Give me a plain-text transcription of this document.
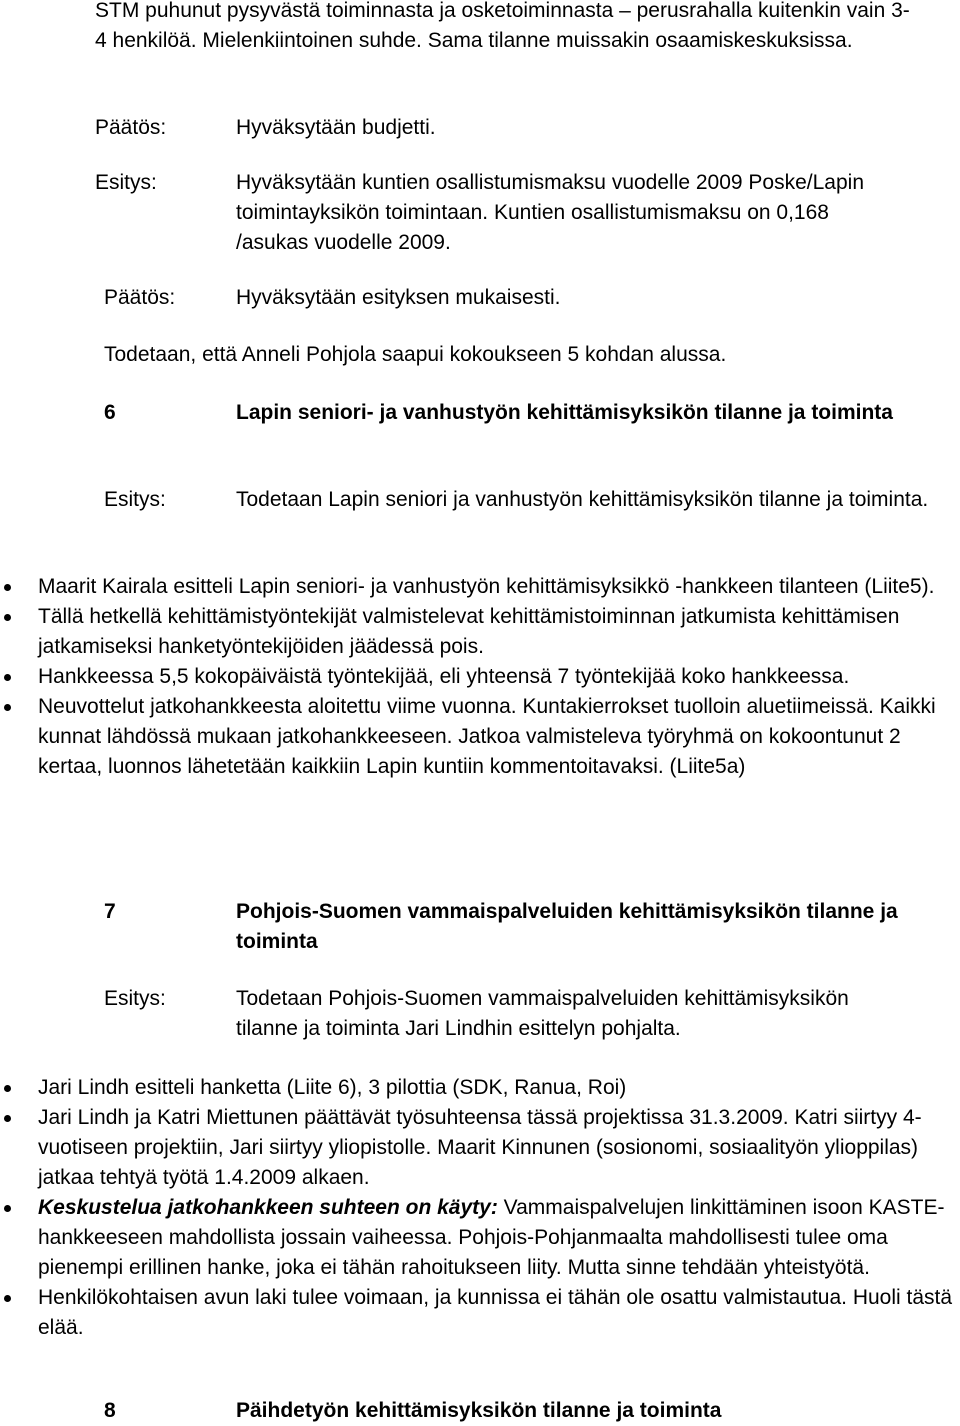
STM puhunut pysyvästä toiminnasta ja osketoiminnasta – perusrahalla kuitenkin vain 3-4 henkilöä. Mielenkiintoinen suhde. Sama tilanne muissakin osaamiskeskuksissa.
Päätös:	Hyväksytään budjetti.
Esitys:	Hyväksytään kuntien osallistumismaksu vuodelle 2009 Poske/Lapin toimintayksikön toimintaan. Kuntien osallistumismaksu on 0,168 /asukas vuodelle 2009.
Päätös:	Hyväksytään esityksen mukaisesti.
Todetaan, että Anneli Pohjola saapui kokoukseen 5 kohdan alussa.
6	Lapin seniori- ja vanhustyön kehittämisyksikön tilanne ja toiminta
Esitys:	Todetaan Lapin seniori ja vanhustyön kehittämisyksikön tilanne ja toiminta.
Maarit Kairala esitteli Lapin seniori- ja vanhustyön kehittämisyksikkö -hankkeen tilanteen (Liite5).
Tällä hetkellä kehittämistyöntekijät valmistelevat kehittämistoiminnan jatkumista kehittämisen jatkamiseksi hanketyöntekijöiden jäädessä pois.
Hankkeessa 5,5 kokopäiväistä työntekijää, eli yhteensä 7 työntekijää koko hankkeessa.
Neuvottelut jatkohankkeesta aloitettu viime vuonna. Kuntakierrokset tuolloin aluetiimeissä. Kaikki kunnat lähdössä mukaan jatkohankkeeseen. Jatkoa valmisteleva työryhmä on kokoontunut 2 kertaa, luonnos lähetetään kaikkiin Lapin kuntiin kommentoitavaksi. (Liite5a)
7	Pohjois-Suomen vammaispalveluiden kehittämisyksikön tilanne ja toiminta
Esitys:	Todetaan Pohjois-Suomen vammaispalveluiden kehittämisyksikön tilanne ja toiminta Jari Lindhin esittelyn pohjalta.
Jari Lindh esitteli hanketta (Liite 6), 3 pilottia (SDK, Ranua, Roi)
Jari Lindh ja Katri Miettunen päättävät työsuhteensa tässä projektissa 31.3.2009. Katri siirtyy 4-vuotiseen projektiin, Jari siirtyy yliopistolle. Maarit Kinnunen (sosionomi, sosiaalityön ylioppilas) jatkaa tehtyä työtä 1.4.2009 alkaen.
Keskustelua jatkohankkeen suhteen on käyty: Vammaispalvelujen linkittäminen isoon KASTE-hankkeeseen mahdollista jossain vaiheessa. Pohjois-Pohjanmaalta mahdollisesti tulee oma pienempi erillinen hanke, joka ei tähän rahoitukseen liity. Mutta sinne tehdään yhteistyötä.
Henkilökohtaisen avun laki tulee voimaan, ja kunnissa ei tähän ole osattu valmistautua. Huoli tästä elää.
8	Päihdetyön kehittämisyksikön tilanne ja toiminta
